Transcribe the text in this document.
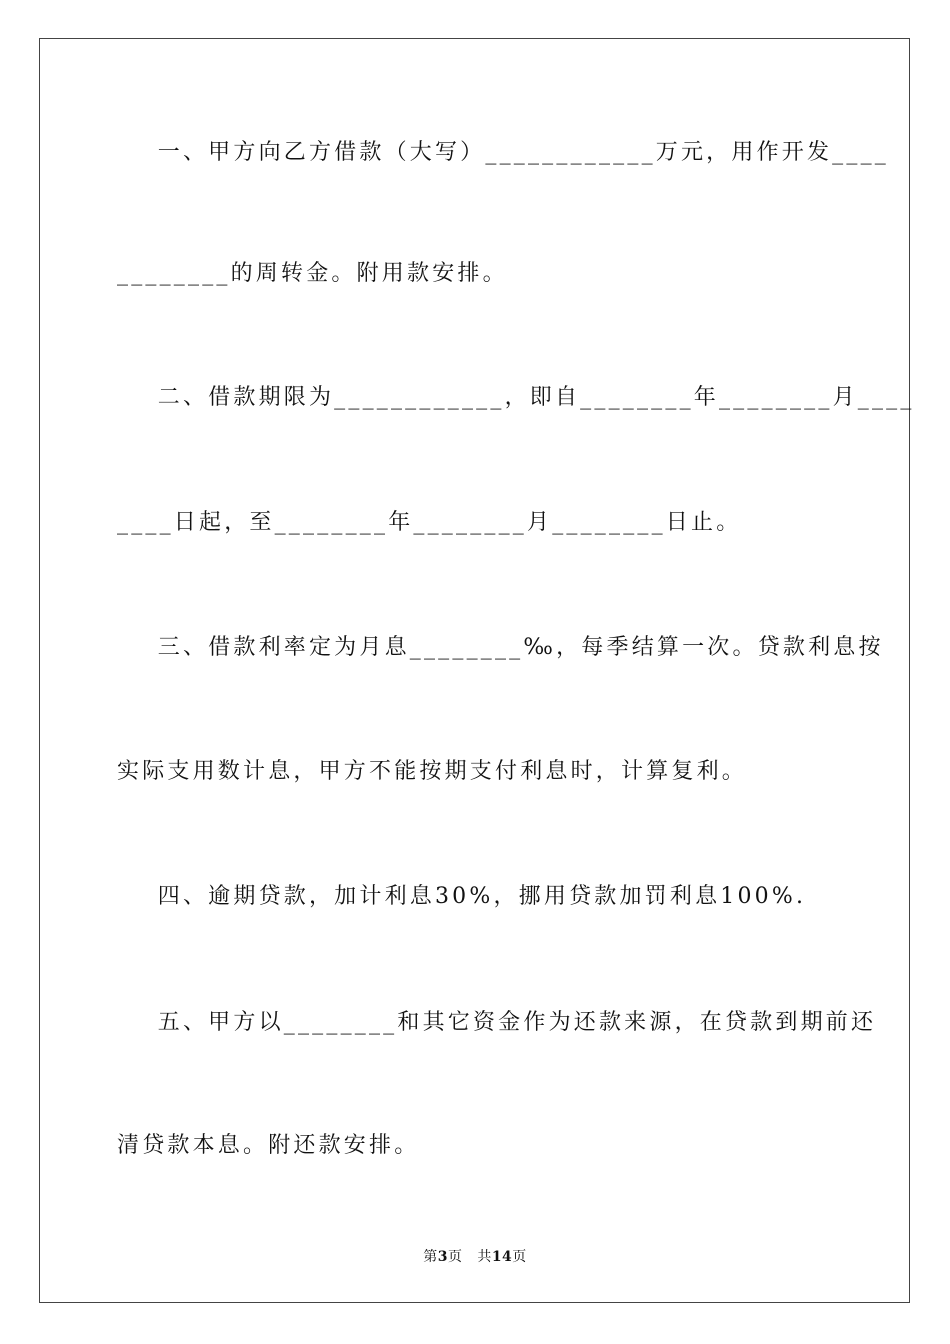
一、甲方向乙方借款（大写）____________万元，用作开发____
________的周转金。附用款安排。
二、借款期限为____________，即自________年________月____
____日起，至________年________月________日止。
三、借款利率定为月息________‰，每季结算一次。贷款利息按
实际支用数计息，甲方不能按期支付利息时，计算复利。
四、逾期贷款，加计利息30%，挪用贷款加罚利息100%.
五、甲方以________和其它资金作为还款来源，在贷款到期前还
清贷款本息。附还款安排。
第3页 共14页
